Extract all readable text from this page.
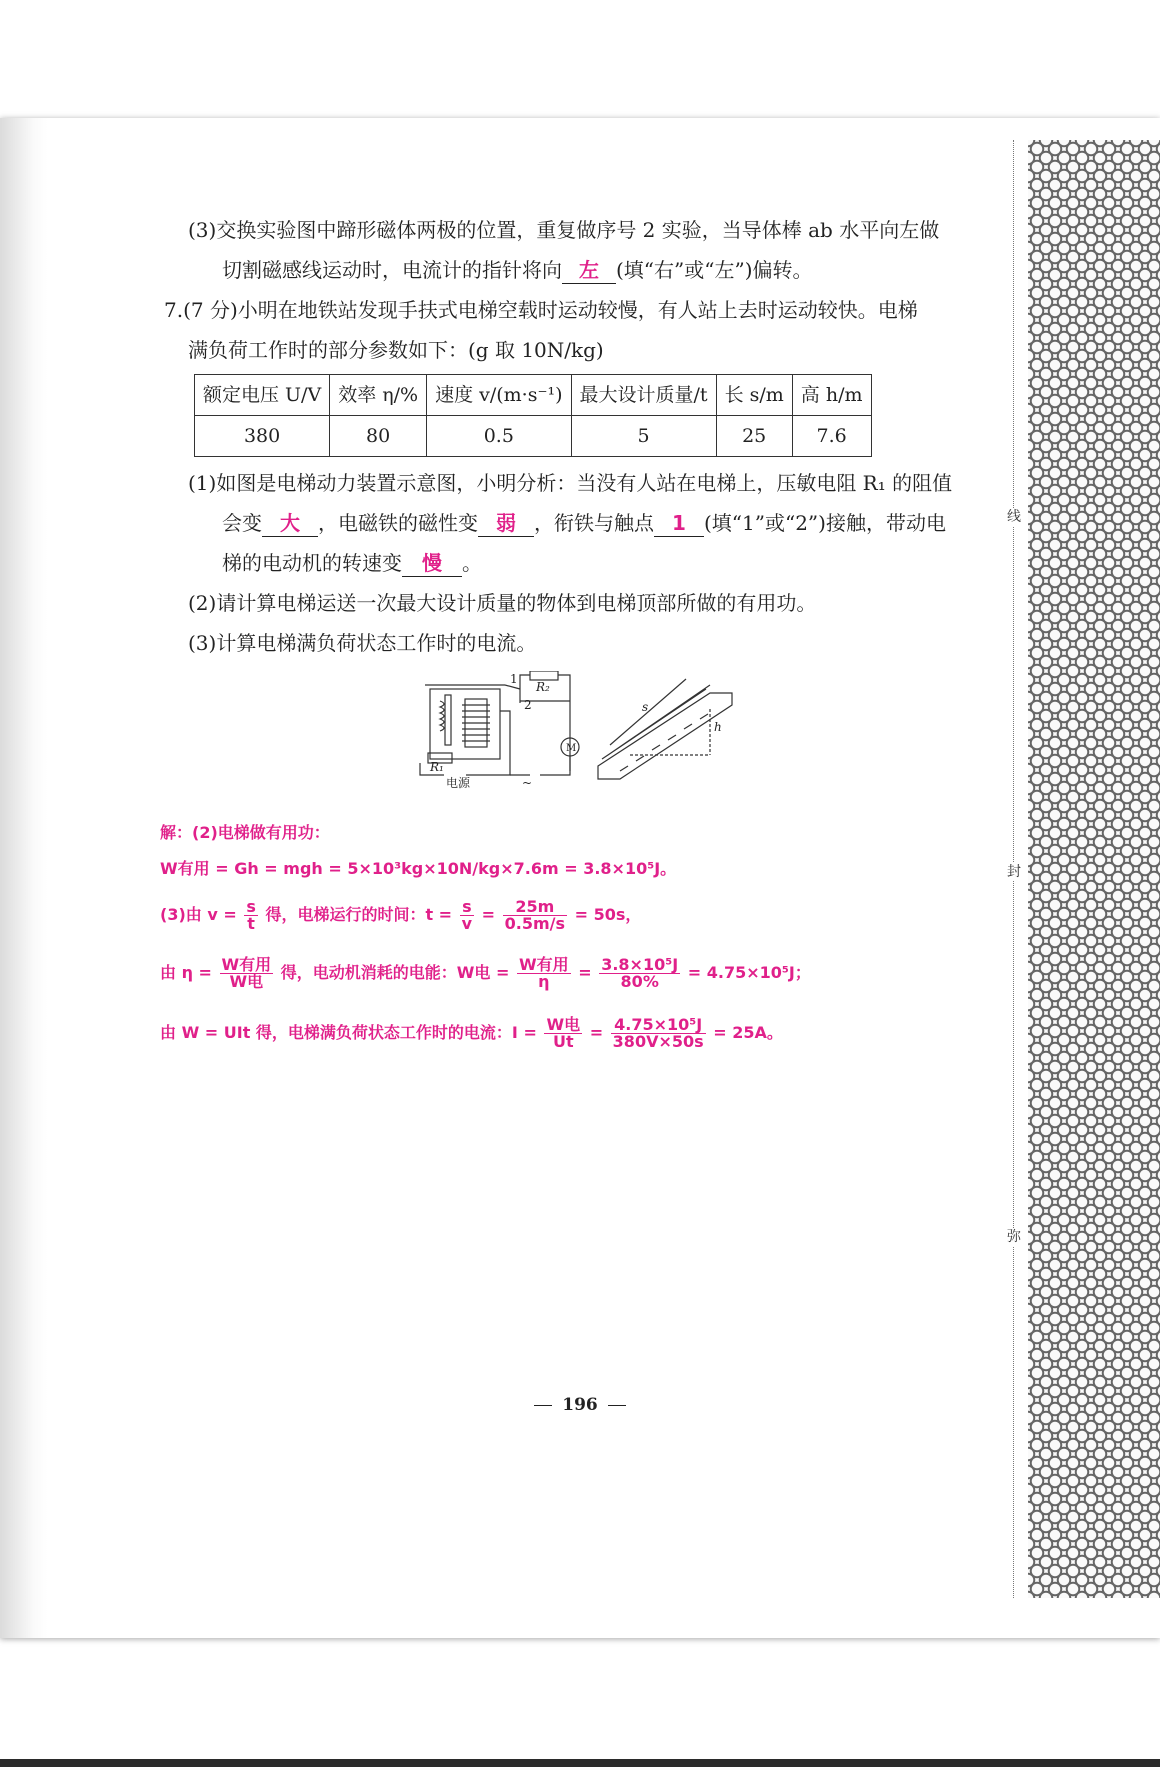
线
封
弥
(3)交换实验图中蹄形磁体两极的位置，重复做序号 2 实验，当导体棒 ab 水平向左做
切割磁感线运动时，电流计的指针将向 左 (填“右”或“左”)偏转。
7.(7 分)小明在地铁站发现手扶式电梯空载时运动较慢，有人站上去时运动较快。电梯
满负荷工作时的部分参数如下：(g 取 10N/kg)
额定电压 U/V	效率 η/%	速度 v/(m·s⁻¹)	最大设计质量/t	长 s/m	高 h/m
380	80	0.5	5	25	7.6
(1)如图是电梯动力装置示意图，小明分析：当没有人站在电梯上，压敏电阻 R₁ 的阻值
会变 大 ，电磁铁的磁性变 弱 ，衔铁与触点 1 (填“1”或“2”)接触，带动电
梯的电动机的转速变 慢 。
(2)请计算电梯运送一次最大设计质量的物体到电梯顶部所做的有用功。
(3)计算电梯满负荷状态工作时的电流。
1
2
R₂
R₁
M
电源	~
s
h
解：(2)电梯做有用功：
W有用 = Gh = mgh = 5×10³kg×10N/kg×7.6m = 3.8×10⁵J。
(3)由 $v = \frac{s}{t}$ 得，电梯运行的时间：$t = \frac{s}{v} = \frac{25m}{0.5m/s} = 50s$，
由 $\eta = \frac{\text{W有用}}{\text{W电}}$ 得，电动机消耗的电能：W电 = $\frac{\text{W有用}}{\eta} = \frac{\text{3.8×10⁵J}}{80\%} = 4.75\times 10^5J$；
由 W = UIt 得，电梯满负荷状态工作时的电流：$I = \frac{\text{W电}}{Ut} = \frac{\text{4.75×10⁵J}}{380V\times 50s} = 25A$。
196
